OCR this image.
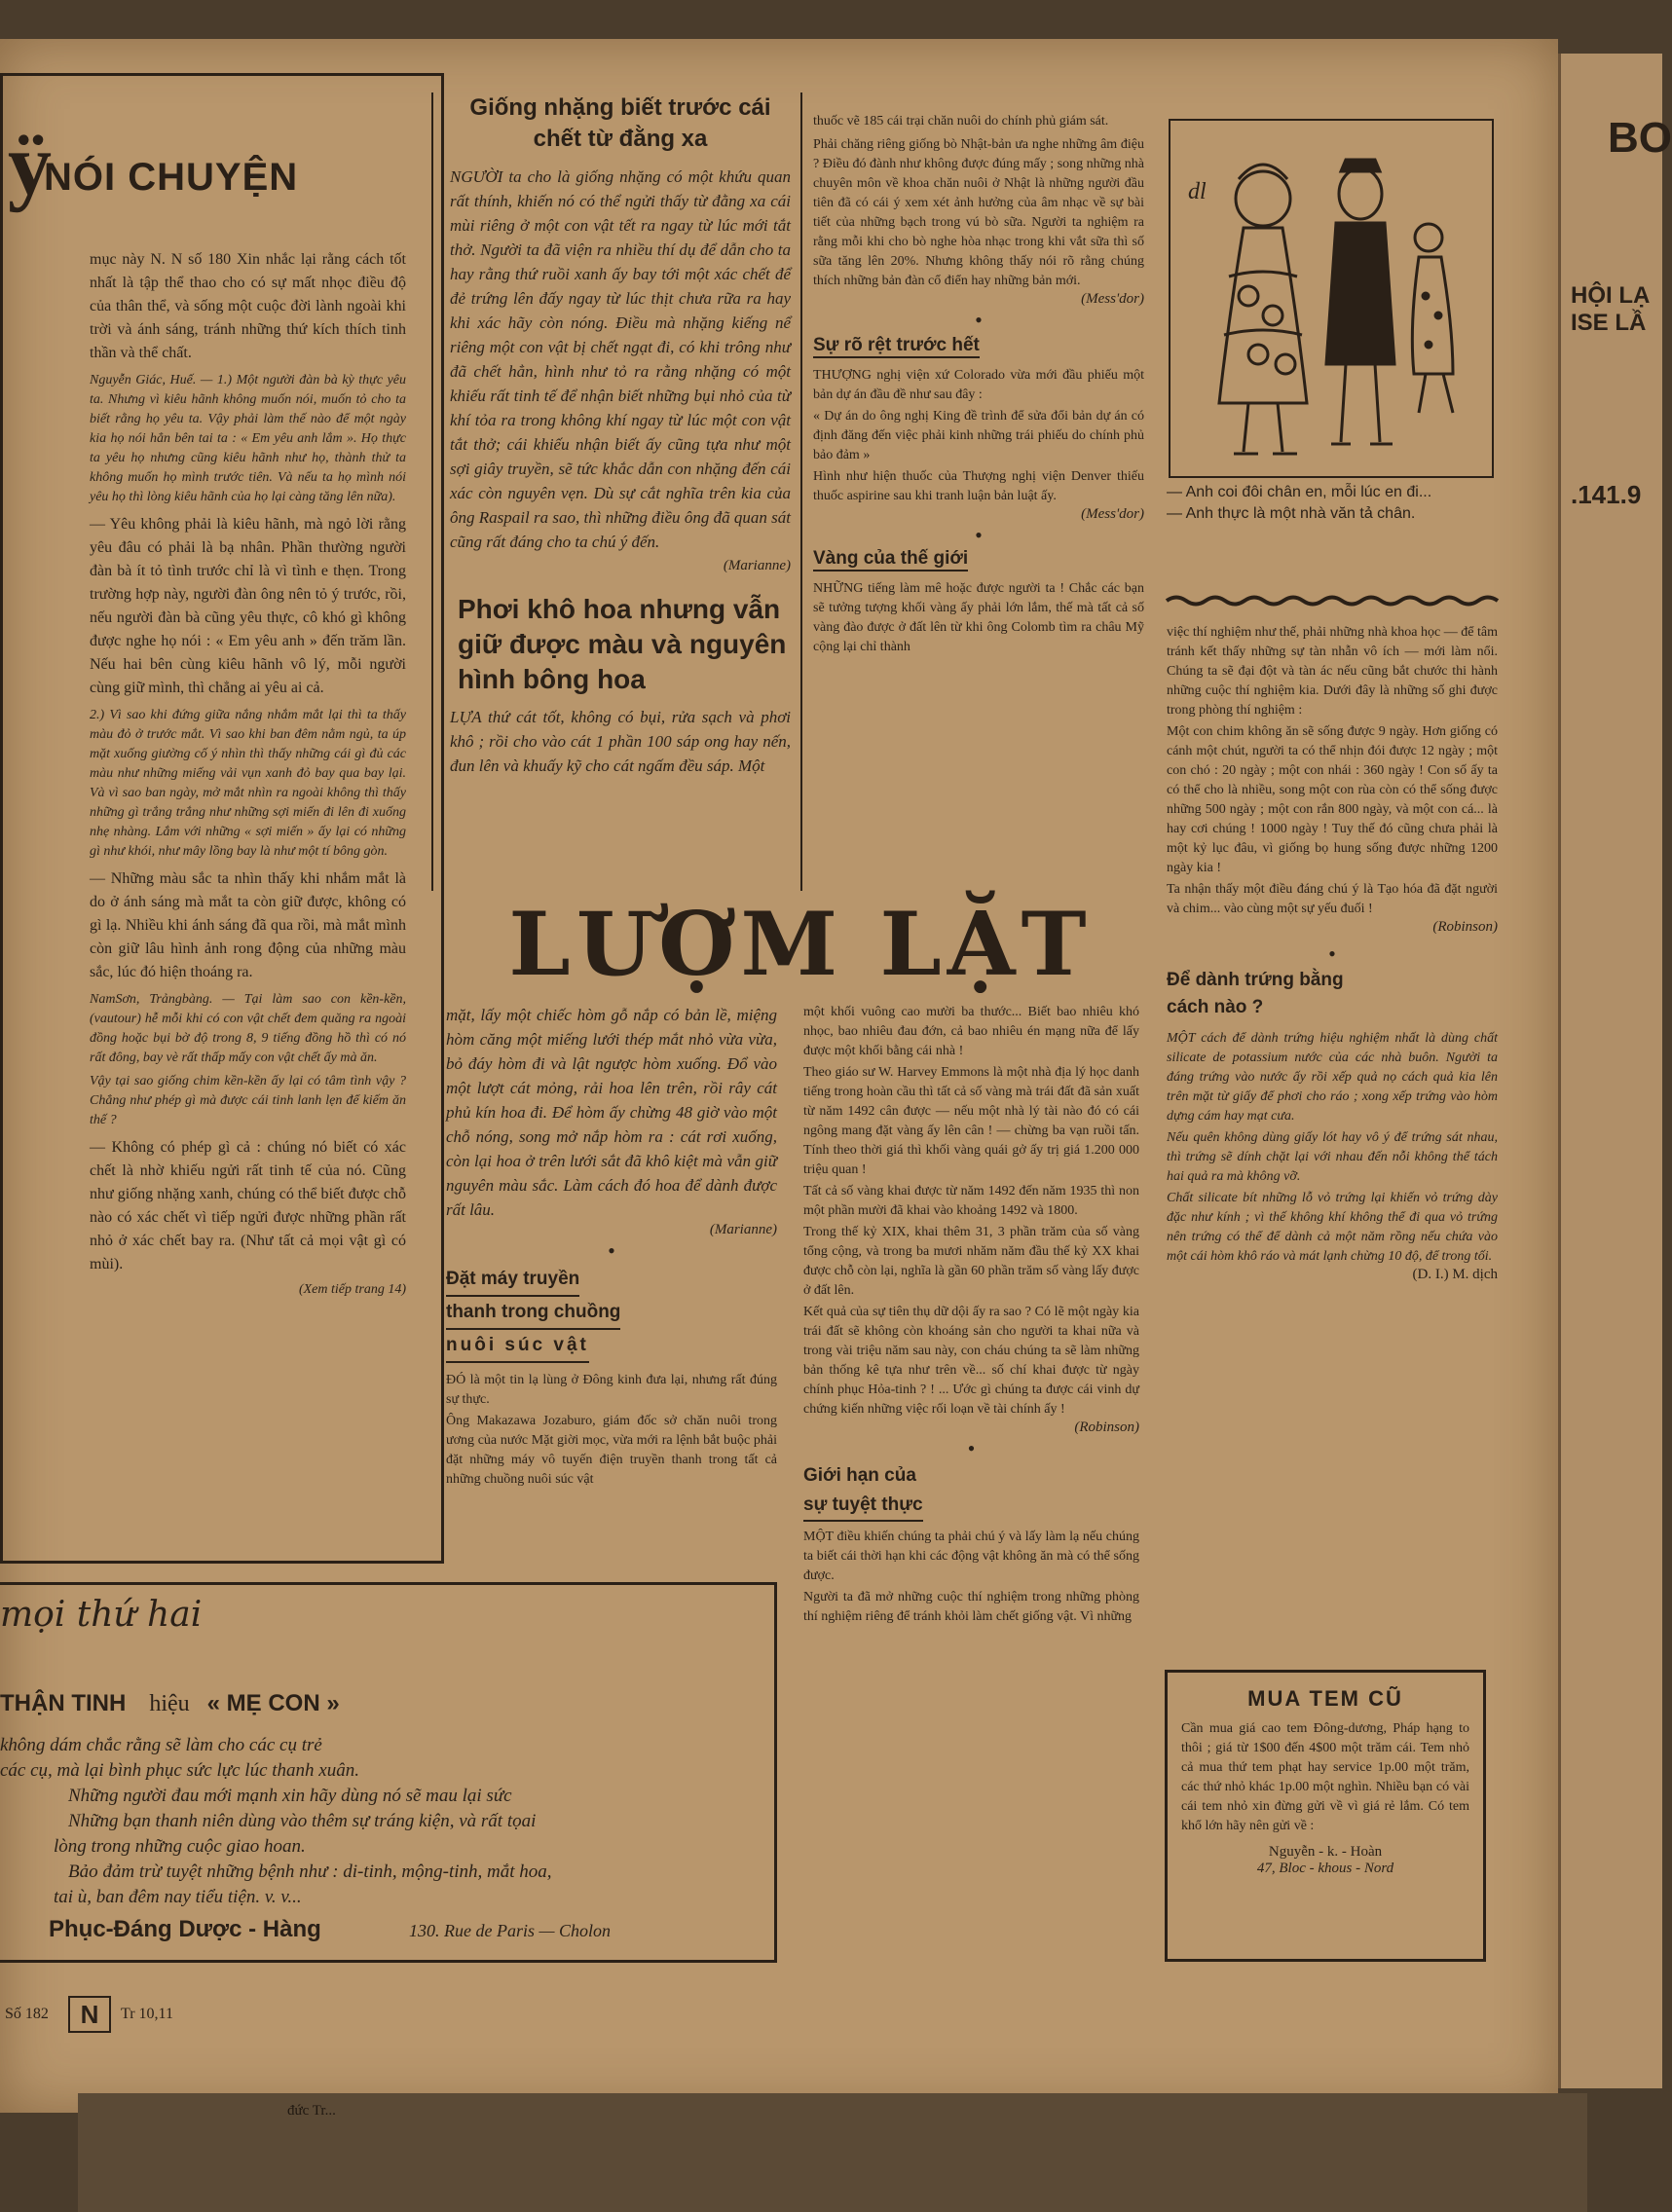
BO
HỘI LẠ
ISE LẦ
.141.9
ÿ
NÓI CHUYỆN
mục này N. N số 180 Xin nhắc lại rằng cách tốt nhất là tập thể thao cho có sự mất nhọc điều độ của thân thể, và sống một cuộc đời lành ngoài khi trời và ánh sáng, tránh những thứ kích thích tinh thần và thể chất.
Nguyễn Giác, Huế. — 1.) Một người đàn bà kỳ thực yêu ta. Nhưng vì kiêu hãnh không muốn nói, muốn tỏ cho ta biết rằng họ yêu ta. Vậy phải làm thế nào để một ngày kia họ nói hẳn bên tai ta : « Em yêu anh lắm ». Họ thực ta yêu họ nhưng cũng kiêu hãnh như họ, thành thử ta không muốn họ mình trước tiên. Và nếu ta họ mình nói yêu họ thì lòng kiêu hãnh của họ lại càng tăng lên nữa).
— Yêu không phải là kiêu hãnh, mà ngỏ lời rằng yêu đâu có phải là bạ nhân. Phần thường người đàn bà ít tỏ tình trước chỉ là vì tình e thẹn. Trong trường hợp này, người đàn ông nên tỏ ý trước, rồi, nếu người đàn bà cũng yêu thực, cô khó gì không được nghe họ nói : « Em yêu anh » đến trăm lần. Nếu hai bên cùng kiêu hãnh vô lý, mỗi người cùng giữ mình, thì chẳng ai yêu ai cả.
2.) Vì sao khi đứng giữa nắng nhắm mắt lại thì ta thấy màu đỏ ở trước mắt. Vì sao khi ban đêm nằm ngủ, ta úp mặt xuống giường cố ý nhìn thì thấy những cái gì đủ các màu như những miếng vải vụn xanh đỏ bay qua bay lại. Và vì sao ban ngày, mở mắt nhìn ra ngoài không thì thấy những gì trắng trắng như những sợi miến đi lên đi xuống nhẹ nhàng. Lắm với những « sợi miến » ấy lại có những gì như khói, như mây lồng bay là như một tí bông gòn.
— Những màu sắc ta nhìn thấy khi nhắm mắt là do ở ánh sáng mà mắt ta còn giữ được, không có gì lạ. Nhiều khi ánh sáng đã qua rồi, mà mắt mình còn giữ lâu hình ảnh rong động của những màu sắc, lúc đó hiện thoáng ra.
NamSơn, Trảngbàng. — Tại làm sao con kền-kền, (vautour) hễ mỗi khi có con vật chết đem quăng ra ngoài đồng hoặc bụi bờ độ trong 8, 9 tiếng đồng hồ thì có nó rất đông, bay vè rất thấp mấy con vật chết ấy mà ăn.
Vậy tại sao giống chim kền-kền ấy lại có tâm tình vậy ? Chẳng như phép gì mà được cái tinh lanh lẹn để kiếm ăn thế ?
— Không có phép gì cả : chúng nó biết có xác chết là nhờ khiếu ngửi rất tinh tế của nó. Cũng như giống nhặng xanh, chúng có thể biết được chỗ nào có xác chết vì tiếp ngửi được những phần rất nhỏ ở xác chết bay ra. (Như tất cả mọi vật gì có mùi).
(Xem tiếp trang 14)
Giống nhặng biết trước cái chết từ đằng xa
NGƯỜI ta cho là giống nhặng có một khứu quan rất thính, khiến nó có thể ngửi thấy từ đằng xa cái mùi riêng ở một con vật tết ra ngay từ lúc mới tắt thở. Người ta đã viện ra nhiều thí dụ để dẫn cho ta hay rằng thứ ruồi xanh ấy bay tới một xác chết để đẻ trứng lên đấy ngay từ lúc thịt chưa rữa ra hay khi xác hãy còn nóng. Điều mà nhặng kiếng nể riêng một con vật bị chết ngạt đi, có khi trông như đã chết hẳn, hình như tỏ ra rằng nhặng có một khiếu rất tinh tế để nhận biết những bụi nhỏ của từ khí tỏa ra trong không khí ngay từ lúc một con vật tắt thở; cái khiếu nhận biết ấy cũng tựa như một sợi giây truyền, sẽ tức khắc dẫn con nhặng đến cái xác còn nguyên vẹn. Dù sự cắt nghĩa trên kia của ông Raspail ra sao, thì những điều ông đã quan sát cũng rất đáng cho ta chú ý đến.
(Marianne)
Phơi khô hoa nhưng vẫn giữ được màu và nguyên hình bông hoa
LỰA thứ cát tốt, không có bụi, rửa sạch và phơi khô ; rồi cho vào cát 1 phần 100 sáp ong hay nến, đun lên và khuấy kỹ cho cát ngấm đều sáp. Một
thuốc vẽ 185 cái trại chăn nuôi do chính phủ giám sát.
Phải chăng riêng giống bò Nhật-bản ưa nghe những âm điệu ? Điều đó đành như không được đúng mấy ; song những nhà chuyên môn về khoa chăn nuôi ở Nhật là những người đầu tiên đã có cái ý xem xét ảnh hưởng của âm nhạc về sự bài tiết của những bạch trong vú bò sữa. Người ta nghiệm ra rằng mỗi khi cho bò nghe hòa nhạc trong khi vắt sữa thì số sữa tăng lên 20%. Nhưng không thấy nói rõ rằng chúng thích những bản đàn cổ điển hay những bản mới.
(Mess'dor)
•
Sự rõ rệt trước hết
THƯỢNG nghị viện xứ Colorado vừa mới đầu phiếu một bản dự án đầu đề như sau đây :
« Dự án do ông nghị King đề trình để sửa đổi bản dự án có định đăng đến việc phải kinh những trái phiếu do chính phủ bảo đảm »
Hình như hiện thuốc của Thượng nghị viện Denver thiếu thuốc aspirine sau khi tranh luận bản luật ấy.
(Mess'dor)
•
Vàng của thế giới
NHỮNG tiếng làm mê hoặc được người ta ! Chắc các bạn sẽ tưởng tượng khối vàng ấy phải lớn lắm, thế mà tất cả số vàng đào được ở đất lên từ khi ông Colomb tìm ra châu Mỹ cộng lại chỉ thành
dl
— Anh coi đôi chân en, mỗi lúc en đi...
— Anh thực là một nhà văn tả chân.
việc thí nghiệm như thế, phải những nhà khoa học — để tâm tránh kết thấy những sự tàn nhẫn vô ích — mới làm nổi. Chúng ta sẽ đại đột và tàn ác nếu cũng bắt chước thi hành những cuộc thí nghiệm kia. Dưới đây là những số ghi được trong phòng thí nghiệm :
Một con chim không ăn sẽ sống được 9 ngày. Hơn giống có cánh một chút, người ta có thể nhịn đói được 12 ngày ; một con chó : 20 ngày ; một con nhái : 360 ngày ! Con số ấy ta có thể cho là nhiều, song một con rùa còn có thể sống được những 500 ngày ; một con rắn 800 ngày, và một con cá... là hay cơi chúng ! 1000 ngày ! Tuy thế đó cũng chưa phải là một kỷ lục đâu, vì giống bọ hung sống được những 1200 ngày kia !
Ta nhận thấy một điều đáng chú ý là Tạo hóa đã đặt người và chim... vào cùng một sự yếu đuối !
(Robinson)
•
Để dành trứng bằng cách nào ?
MỘT cách để dành trứng hiệu nghiệm nhất là dùng chất silicate de potassium nước của các nhà buôn. Người ta đáng trứng vào nước ấy rồi xếp quả nọ cách quả kia lên trên mặt từ giấy để phơi cho ráo ; xong xếp trứng vào hòm dựng cám hay mạt cưa.
Nếu quên không dùng giấy lót hay vô ý để trứng sát nhau, thì trứng sẽ dính chặt lại với nhau đến nỗi không thể tách hai quả ra mà không vỡ.
Chất silicate bít những lỗ vỏ trứng lại khiến vỏ trứng dày đặc như kính ; vì thế không khí không thể đi qua vỏ trứng nên trứng có thể để dành cả một năm rồng nếu chứa vào một cái hòm khô ráo và mát lạnh chừng 10 độ, để trong tối.
(D. I.) M. dịch
MUA TEM CŨ
Cần mua giá cao tem Đông-dương, Pháp hạng to thôi ; giá từ 1$00 đến 4$00 một trăm cái. Tem nhỏ cả mua thứ tem phạt hay service 1p.00 một trăm, các thứ nhỏ khác 1p.00 một nghìn. Nhiều bạn có vài cái tem nhỏ xin đừng gửi về vì giá rẻ lắm. Có tem khổ lớn hãy nên gửi về :
Nguyễn - k. - Hoàn
47, Bloc - khous - Nord
LƯỢM LẶT
mặt, lấy một chiếc hòm gỗ nắp có bản lề, miệng hòm căng một miếng lưới thép mắt nhỏ vừa vừa, bỏ đáy hòm đi và lật ngược hòm xuống. Đổ vào một lượt cát mỏng, rải hoa lên trên, rồi rây cát phủ kín hoa đi. Để hòm ấy chừng 48 giờ vào một chỗ nóng, song mở nắp hòm ra : cát rơi xuống, còn lại hoa ở trên lưới sắt đã khô kiệt mà vẫn giữ nguyên màu sắc. Làm cách đó hoa để dành được rất lâu.
(Marianne)
•
Đặt máy truyền
thanh trong chuồng
nuôi súc vật
ĐÓ là một tin lạ lùng ở Đông kinh đưa lại, nhưng rất đúng sự thực.
Ông Makazawa Jozaburo, giám đốc sở chăn nuôi trong ương của nước Mặt giời mọc, vừa mới ra lệnh bắt buộc phải đặt những máy vô tuyến điện truyền thanh trong tất cả những chuồng nuôi súc vật
một khối vuông cao mười ba thước... Biết bao nhiêu khó nhọc, bao nhiêu đau đớn, cả bao nhiêu én mạng nữa để lấy được một khối bằng cái nhà !
Theo giáo sư W. Harvey Emmons là một nhà địa lý học danh tiếng trong hoàn cầu thì tất cả số vàng mà trái đất đã sản xuất từ năm 1492 cân được — nếu một nhà lý tài nào đó có cái ngông mang đặt vàng ấy lên cân ! — chừng ba vạn ruồi tấn. Tính theo thời giá thì khối vàng quái gở ấy trị giá 1.200 000 triệu quan !
Tất cả số vàng khai được từ năm 1492 đến năm 1935 thì non một phần mười đã khai vào khoảng 1492 và 1800.
Trong thế kỷ XIX, khai thêm 31, 3 phần trăm của số vàng tổng cộng, và trong ba mươi nhăm năm đầu thế kỷ XX khai được chỗ còn lại, nghĩa là gần 60 phần trăm số vàng lấy được ở đất lên.
Kết quả của sự tiên thụ dữ dội ấy ra sao ? Có lẽ một ngày kia trái đất sẽ không còn khoáng sản cho người ta khai nữa và trong vài triệu năm sau này, con cháu chúng ta sẽ làm những bản thống kê tựa như trên về... số chí khai được từ ngày chính phục Hỏa-tinh ? ! ... Ước gì chúng ta được cái vinh dự chứng kiến những việc rối loạn về tài chính ấy !
(Robinson)
•
Giới hạn của
sự tuyệt thực
MỘT điều khiến chúng ta phải chú ý và lấy làm lạ nếu chúng ta biết cái thời hạn khi các động vật không ăn mà có thể sống được.
Người ta đã mở những cuộc thí nghiệm trong những phòng thí nghiệm riêng để tránh khỏi làm chết giống vật. Vì những
mọi thứ hai
THẬN TINH hiệu « MẸ CON »
không dám chắc rằng sẽ làm cho các cụ trẻ
các cụ, mà lại bình phục sức lực lúc thanh xuân.
Những người đau mới mạnh xin hãy dùng nó sẽ mau lại sức
Những bạn thanh niên dùng vào thêm sự tráng kiện, và rất tọai
lòng trong những cuộc giao hoan.
Bảo đảm trừ tuyệt những bệnh như : di-tinh, mộng-tinh, mắt hoa,
tai ù, ban đêm nay tiểu tiện. v. v...
Phục-Đáng Dược - Hàng	130. Rue de Paris — Cholon
Số 182	N	Tr 10,11
đức Tr...
